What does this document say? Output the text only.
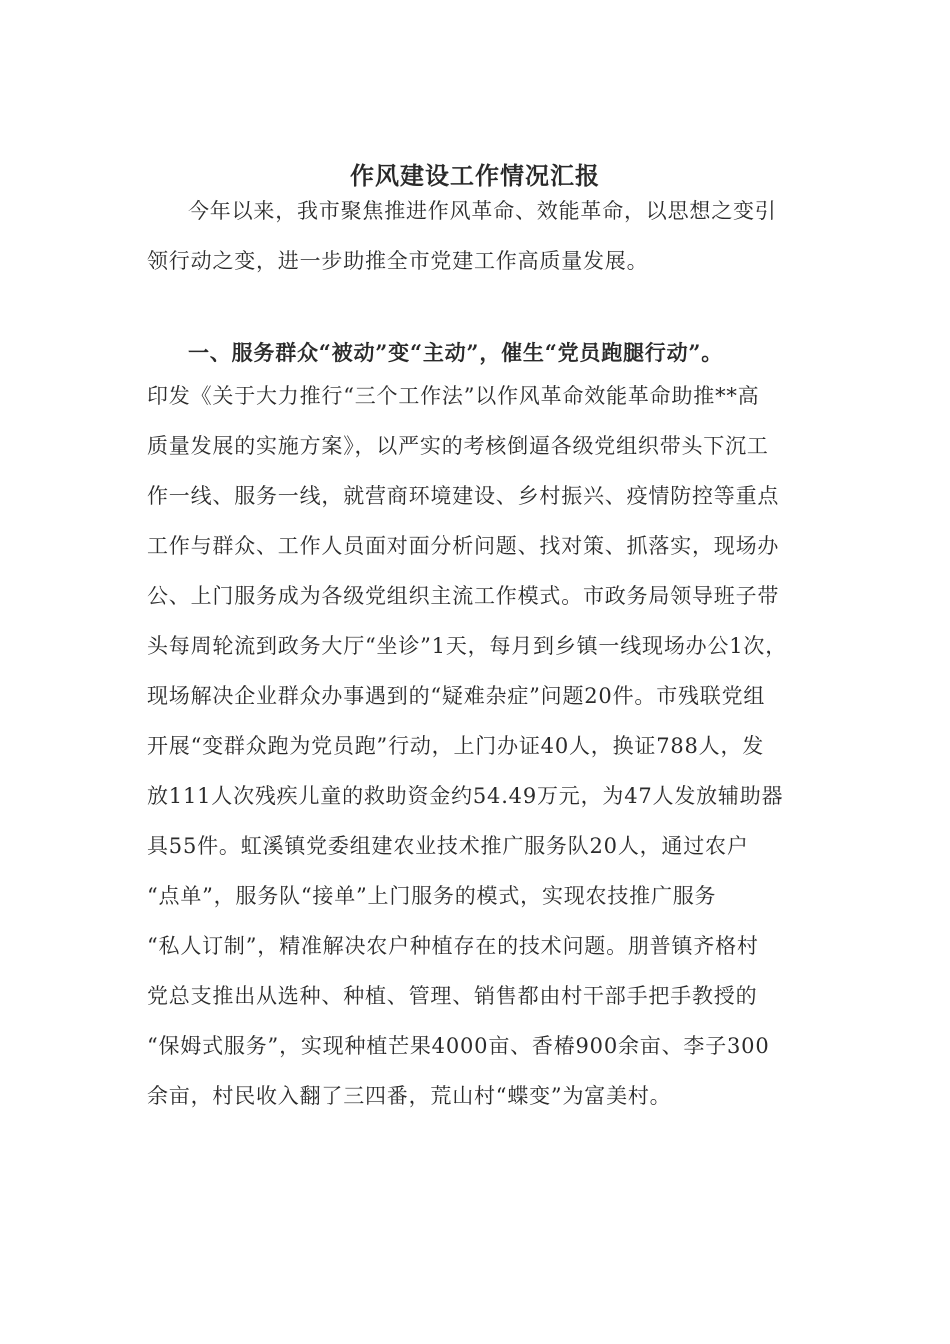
作风建设工作情况汇报
今年以来，我市聚焦推进作风革命、效能革命，以思想之变引
领行动之变，进一步助推全市党建工作高质量发展。
一、服务群众“被动”变“主动”，催生“党员跑腿行动”。
印发《关于大力推行“三个工作法”以作风革命效能革命助推**高
质量发展的实施方案》，以严实的考核倒逼各级党组织带头下沉工
作一线、服务一线，就营商环境建设、乡村振兴、疫情防控等重点
工作与群众、工作人员面对面分析问题、找对策、抓落实，现场办
公、上门服务成为各级党组织主流工作模式。市政务局领导班子带
头每周轮流到政务大厅“坐诊”1天，每月到乡镇一线现场办公1次，
现场解决企业群众办事遇到的“疑难杂症”问题20件。市残联党组
开展“变群众跑为党员跑”行动，上门办证40人，换证788人，发
放111人次残疾儿童的救助资金约54.49万元，为47人发放辅助器
具55件。虹溪镇党委组建农业技术推广服务队20人，通过农户
“点单”，服务队“接单”上门服务的模式，实现农技推广服务
“私人订制”，精准解决农户种植存在的技术问题。朋普镇齐格村
党总支推出从选种、种植、管理、销售都由村干部手把手教授的
“保姆式服务”，实现种植芒果4000亩、香椿900余亩、李子300
余亩，村民收入翻了三四番，荒山村“蝶变”为富美村。
